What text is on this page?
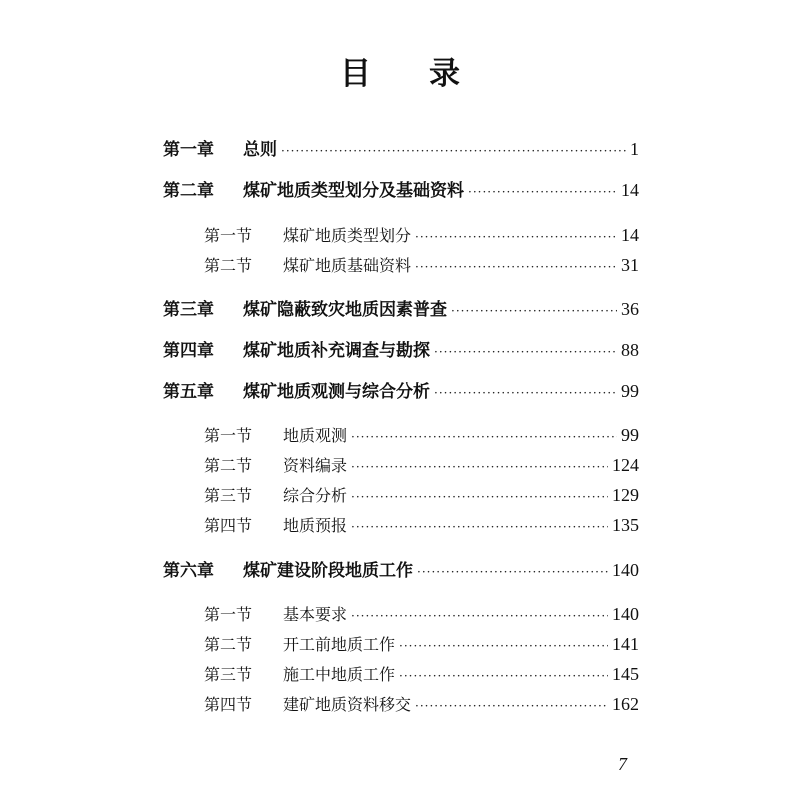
目 录
第一章	总则 ·····	1
第二章	煤矿地质类型划分及基础资料 ·····	14
第一节	煤矿地质类型划分 ·····	14
第二节	煤矿地质基础资料 ·····	31
第三章	煤矿隐蔽致灾地质因素普查 ·····	36
第四章	煤矿地质补充调查与勘探 ·····	88
第五章	煤矿地质观测与综合分析 ·····	99
第一节	地质观测 ·····	99
第二节	资料编录 ·····	124
第三节	综合分析 ·····	129
第四节	地质预报 ·····	135
第六章	煤矿建设阶段地质工作 ·····	140
第一节	基本要求 ·····	140
第二节	开工前地质工作 ·····	141
第三节	施工中地质工作 ·····	145
第四节	建矿地质资料移交 ·····	162
7
